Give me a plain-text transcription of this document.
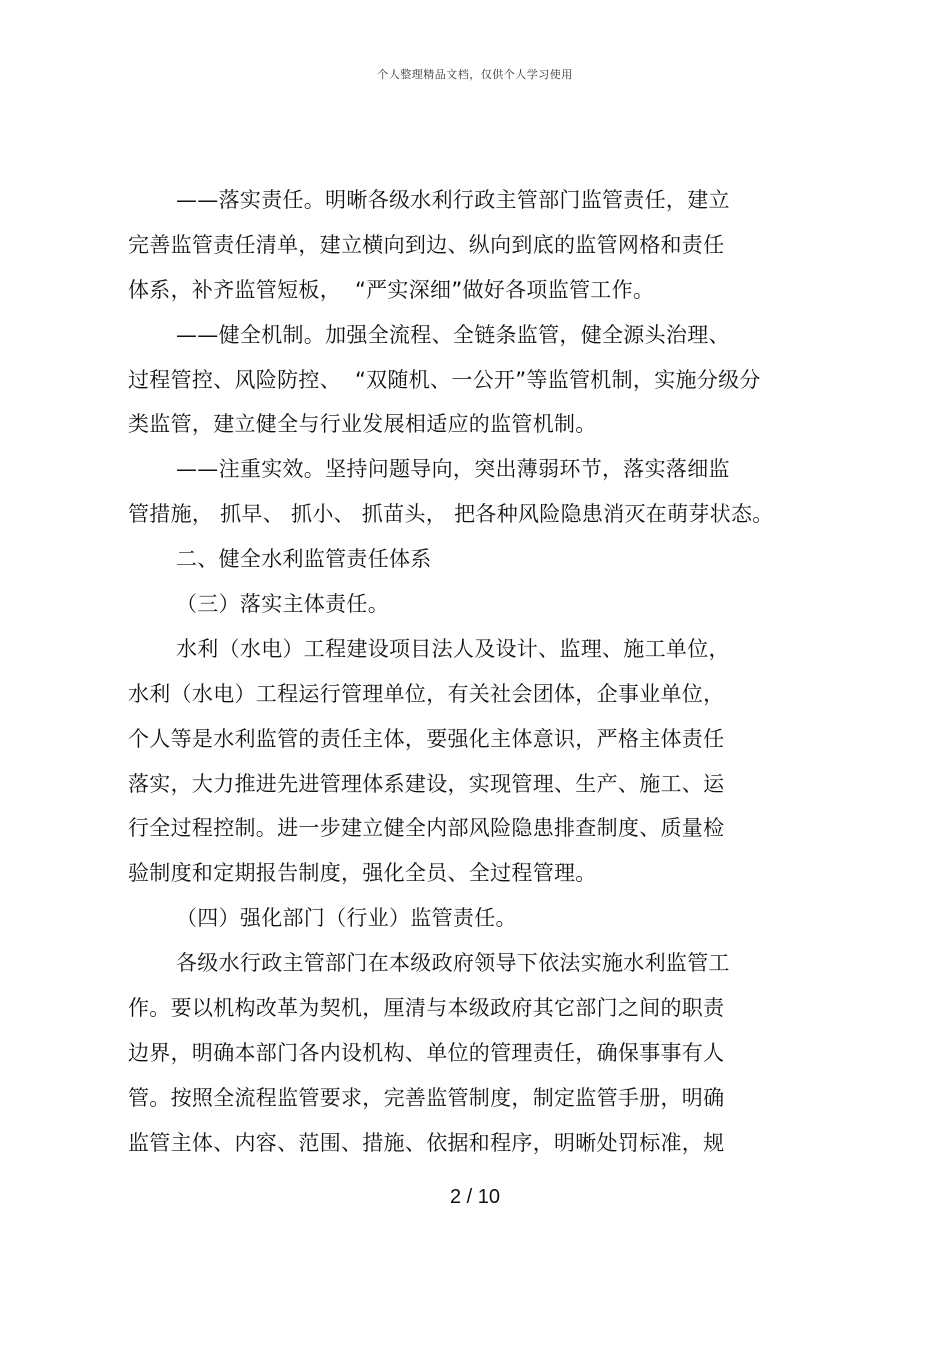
个人整理精品文档，仅供个人学习使用
——落实责任。明晰各级水利行政主管部门监管责任，建立
完善监管责任清单，建立横向到边、纵向到底的监管网格和责任
体系，补齐监管短板，  “严实深细”做好各项监管工作。
——健全机制。加强全流程、全链条监管，健全源头治理、
过程管控、风险防控、  “双随机、一公开”等监管机制，实施分级分
类监管，建立健全与行业发展相适应的监管机制。
——注重实效。坚持问题导向，突出薄弱环节，落实落细监
管措施， 抓早、 抓小、 抓苗头， 把各种风险隐患消灭在萌芽状态。
二、健全水利监管责任体系
（三）落实主体责任。
水利（水电）工程建设项目法人及设计、监理、施工单位，
水利（水电）工程运行管理单位，有关社会团体，企事业单位，
个人等是水利监管的责任主体，要强化主体意识，严格主体责任
落实，大力推进先进管理体系建设，实现管理、生产、施工、运
行全过程控制。进一步建立健全内部风险隐患排查制度、质量检
验制度和定期报告制度，强化全员、全过程管理。
（四）强化部门（行业）监管责任。
各级水行政主管部门在本级政府领导下依法实施水利监管工
作。要以机构改革为契机，厘清与本级政府其它部门之间的职责
边界，明确本部门各内设机构、单位的管理责任，确保事事有人
管。按照全流程监管要求，完善监管制度，制定监管手册，明确
监管主体、内容、范围、措施、依据和程序，明晰处罚标准，规
2 / 10
